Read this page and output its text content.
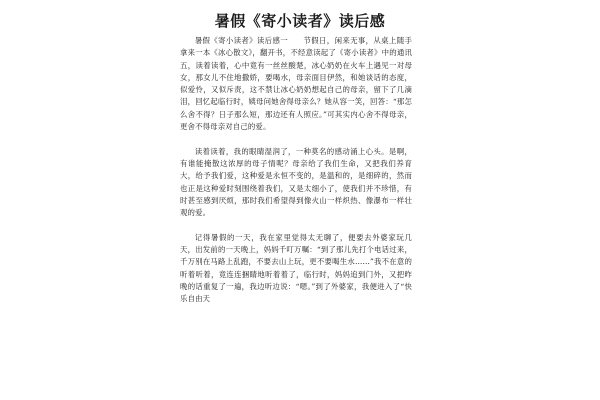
暑假《寄小读者》读后感

暑假《寄小读者》读后感一　　节假日，闲来无事，从桌上随手拿来一本《冰心散文》，翻开书，不经意读起了《寄小读者》中的通讯五，读着读着，心中竟有一丝丝酸楚，冰心奶奶在火车上遇见一对母女，那女儿不住地撒娇，要喝水，母亲面目伊然，和她谈话的态度，似爱怜，又似斥责，这不禁让冰心奶奶想起自己的母亲，留下了几滴泪，回忆起临行时，姨母问她舍得母亲么？她从容一笑，回答：“那怎么舍不得？日子那么短，那边还有人照应。”可其实内心舍不得母亲，更舍不得母亲对自己的爱。

读着读着，我的眼睛湿润了，一种莫名的感动涌上心头。是啊，有谁能掩散这浓厚的母子情呢？母亲给了我们生命，又把我们养育大，给予我们爱，这种爱是永恒不变的，是温和的，是细碎的，然而也正是这种爱时刻围绕着我们，又是太细小了，使我们并不珍惜，有时甚至感到厌烦，那时我们希望得到像火山一样炽热、像瀑布一样壮观的爱。

记得暑假的一天，我在家里觉得太无聊了，便要去外婆家玩几天，出发前的一天晚上，妈妈千叮万嘱：“到了那儿先打个电话过来，千万别在马路上乱跑，不要去山上玩，更不要喝生水……”我不在意的听着听着，竟连连捆睛地听着着了，临行时，妈妈追到门外，又把昨晚的话重复了一遍，我边听边说：“嗯。”到了外婆家，我便进入了“快乐自由天
